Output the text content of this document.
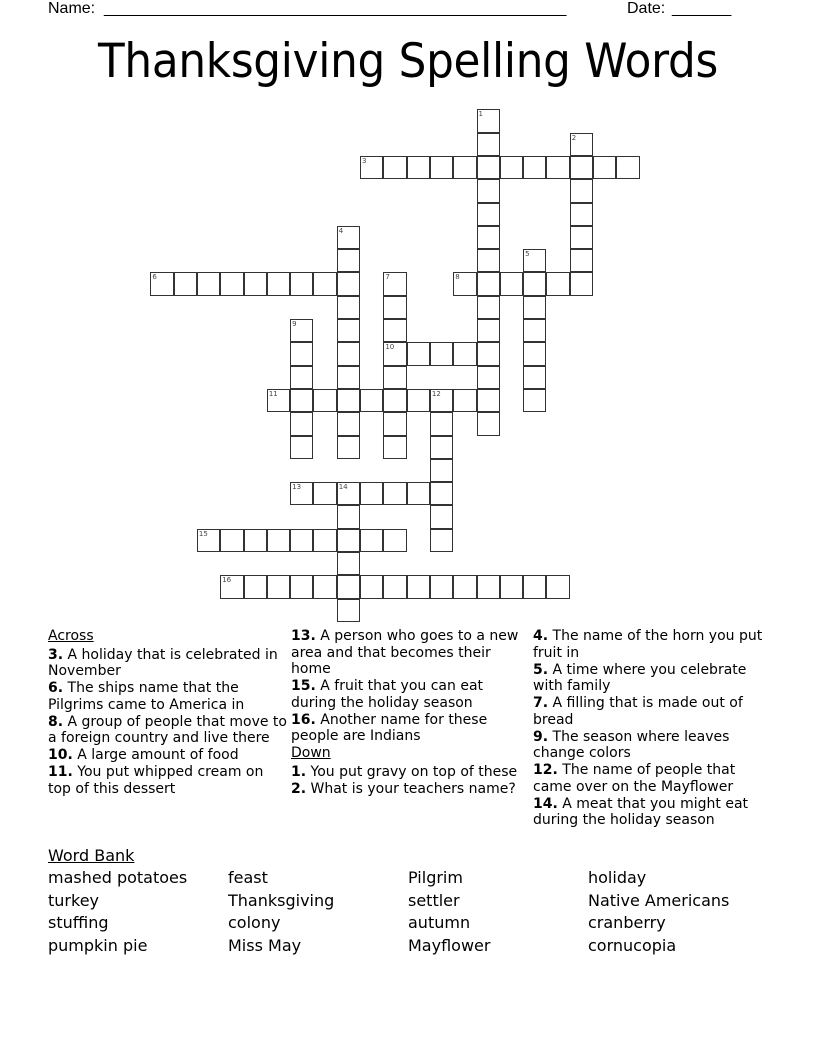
Name: _______________________________________________________	Date: _______
Thanksgiving Spelling Words
1
2
3
4
5
6	7
10
8
9
11	12
13	14
15
16
Across
3. A holiday that is celebrated in November
6. The ships name that the Pilgrims came to America in
8. A group of people that move to a foreign country and live there
10. A large amount of food
11. You put whipped cream on top of this dessert
13. A person who goes to a new area and that becomes their home
15. A fruit that you can eat during the holiday season
16. Another name for these people are Indians
Down
1. You put gravy on top of these
2. What is your teachers name?
4. The name of the horn you put fruit in
5. A time where you celebrate with family
7. A filling that is made out of bread
9. The season where leaves change colors
12. The name of people that came over on the Mayflower
14. A meat that you might eat during the holiday season
Word Bank
mashed potatoes	feast	Pilgrim	holiday
turkey	Thanksgiving	settler	Native Americans
stuffing	colony	autumn	cranberry
pumpkin pie	Miss May	Mayflower	cornucopia
